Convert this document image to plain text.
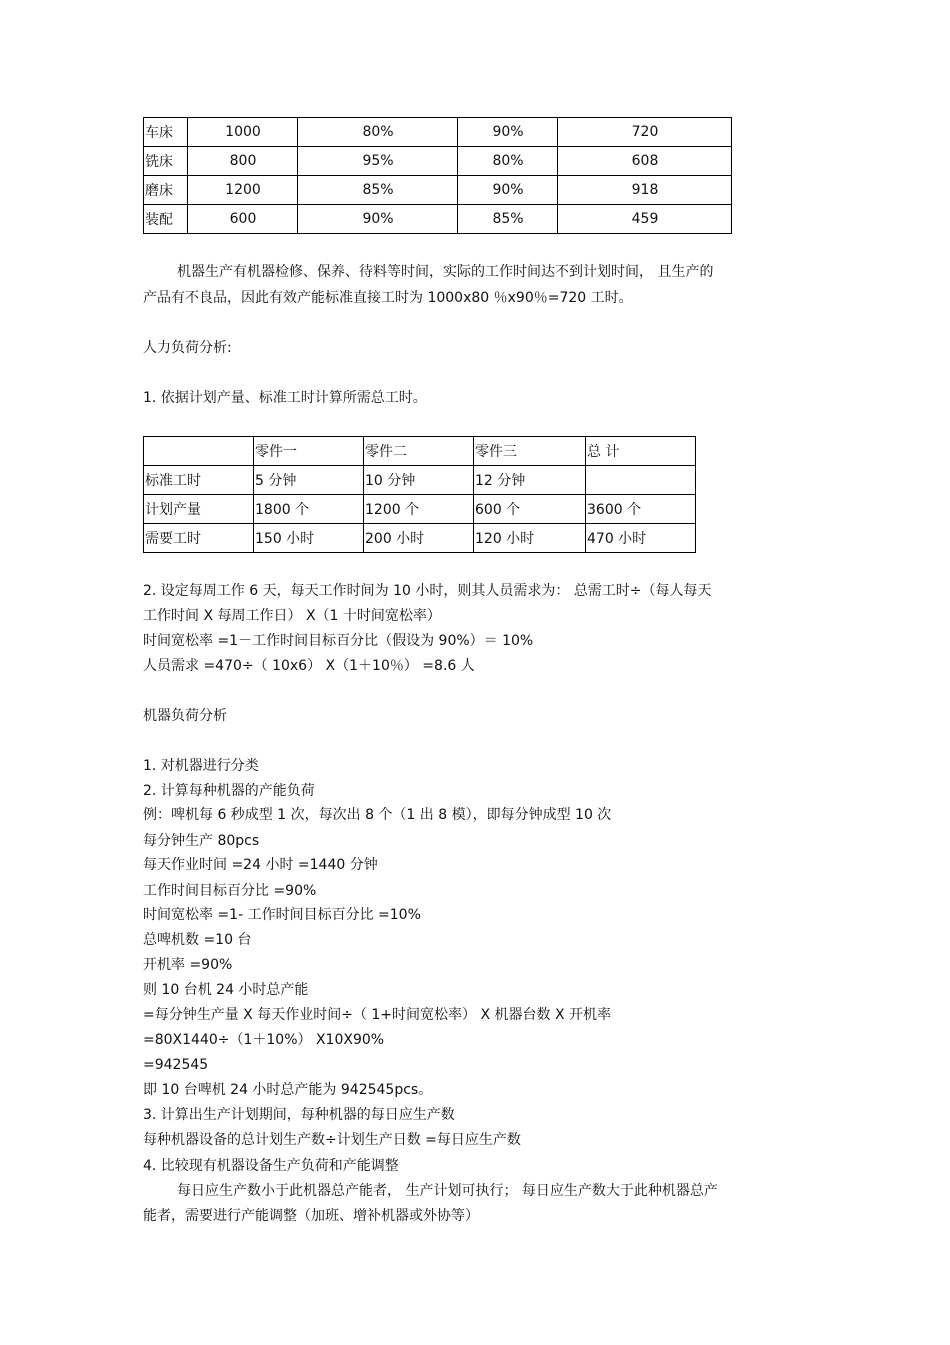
车床	1000	80%	90%	720
铣床	800	95%	80%	608
磨床	1200	85%	90%	918
装配	600	90%	85%	459
机器生产有机器检修、保养、待料等时间，实际的工作时间达不到计划时间， 且生产的
产品有不良品，因此有效产能标准直接工时为 1000x80 ％x90％=720 工时。
人力负荷分析:
1. 依据计划产量、标准工时计算所需总工时。
	零件一	零件二	零件三	总 计
标准工时	5 分钟	10 分钟	12 分钟	
计划产量	1800 个	1200 个	600 个	3600 个
需要工时	150 小时	200 小时	120 小时	470 小时
2. 设定每周工作 6 天，每天工作时间为 10 小时，则其人员需求为： 总需工时÷（每人每天
工作时间 X 每周工作日） X（1 十时间宽松率）
时间宽松率 =1－工作时间目标百分比（假设为 90%）＝ 10%
人员需求 =470÷（ 10x6） X（1＋10％） =8.6 人
机器负荷分析
1. 对机器进行分类
2. 计算每种机器的产能负荷
例：啤机每 6 秒成型 1 次，每次出 8 个（1 出 8 模），即每分钟成型 10 次
每分钟生产 80pcs
每天作业时间 =24 小时 =1440 分钟
工作时间目标百分比 =90%
时间宽松率 =1- 工作时间目标百分比 =10%
总啤机数 =10 台
开机率 =90%
则 10 台机 24 小时总产能
=每分钟生产量 X 每天作业时间÷（ 1+时间宽松率） X 机器台数 X 开机率
=80X1440÷（1＋10%） X10X90%
=942545
即 10 台啤机 24 小时总产能为 942545pcs。
3. 计算出生产计划期间，每种机器的每日应生产数
每种机器设备的总计划生产数÷计划生产日数 =每日应生产数
4. 比较现有机器设备生产负荷和产能调整
每日应生产数小于此机器总产能者， 生产计划可执行； 每日应生产数大于此种机器总产
能者，需要进行产能调整（加班、增补机器或外协等）
